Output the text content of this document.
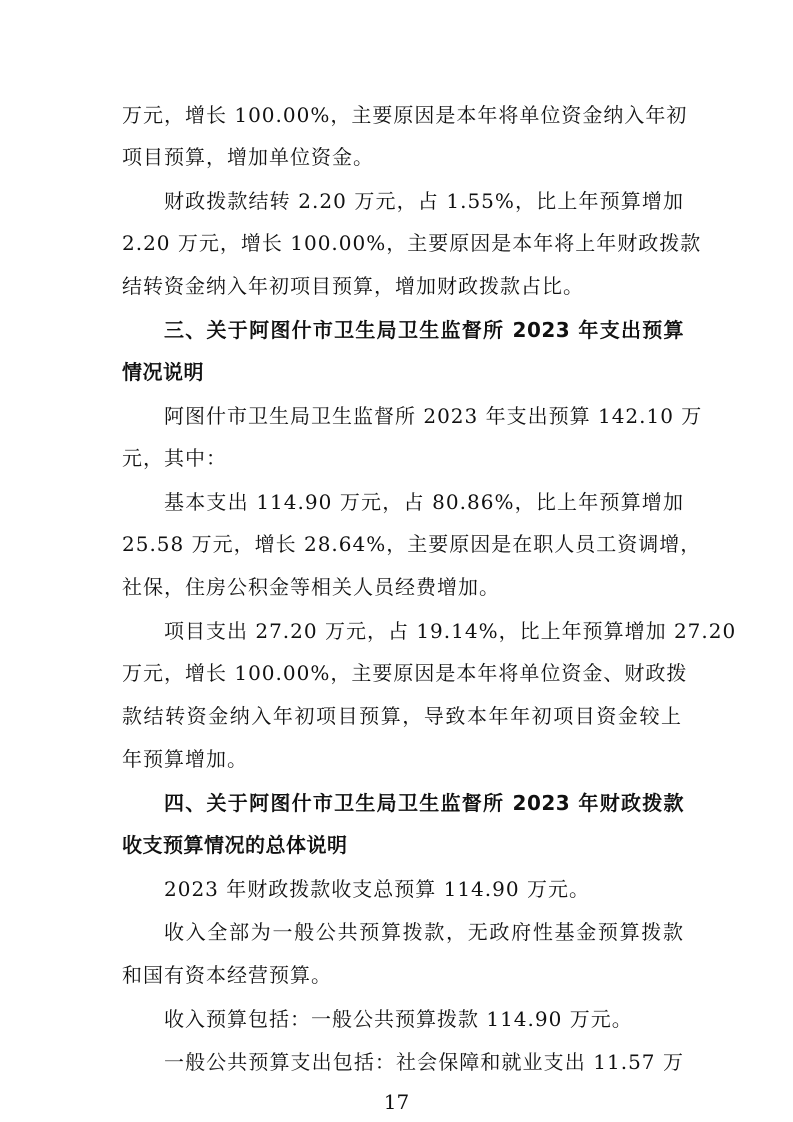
万元，增长 100.00%，主要原因是本年将单位资金纳入年初
项目预算，增加单位资金。
财政拨款结转 2.20 万元，占 1.55%，比上年预算增加
2.20 万元，增长 100.00%，主要原因是本年将上年财政拨款
结转资金纳入年初项目预算，增加财政拨款占比。
三、关于阿图什市卫生局卫生监督所 2023 年支出预算
情况说明
阿图什市卫生局卫生监督所 2023 年支出预算 142.10 万
元，其中：
基本支出 114.90 万元，占 80.86%，比上年预算增加
25.58 万元，增长 28.64%，主要原因是在职人员工资调增，
社保，住房公积金等相关人员经费增加。
项目支出 27.20 万元，占 19.14%，比上年预算增加 27.20
万元，增长 100.00%，主要原因是本年将单位资金、财政拨
款结转资金纳入年初项目预算，导致本年年初项目资金较上
年预算增加。
四、关于阿图什市卫生局卫生监督所 2023 年财政拨款
收支预算情况的总体说明
2023 年财政拨款收支总预算 114.90 万元。
收入全部为一般公共预算拨款，无政府性基金预算拨款
和国有资本经营预算。
收入预算包括：一般公共预算拨款 114.90 万元。
一般公共预算支出包括：社会保障和就业支出 11.57 万
17
